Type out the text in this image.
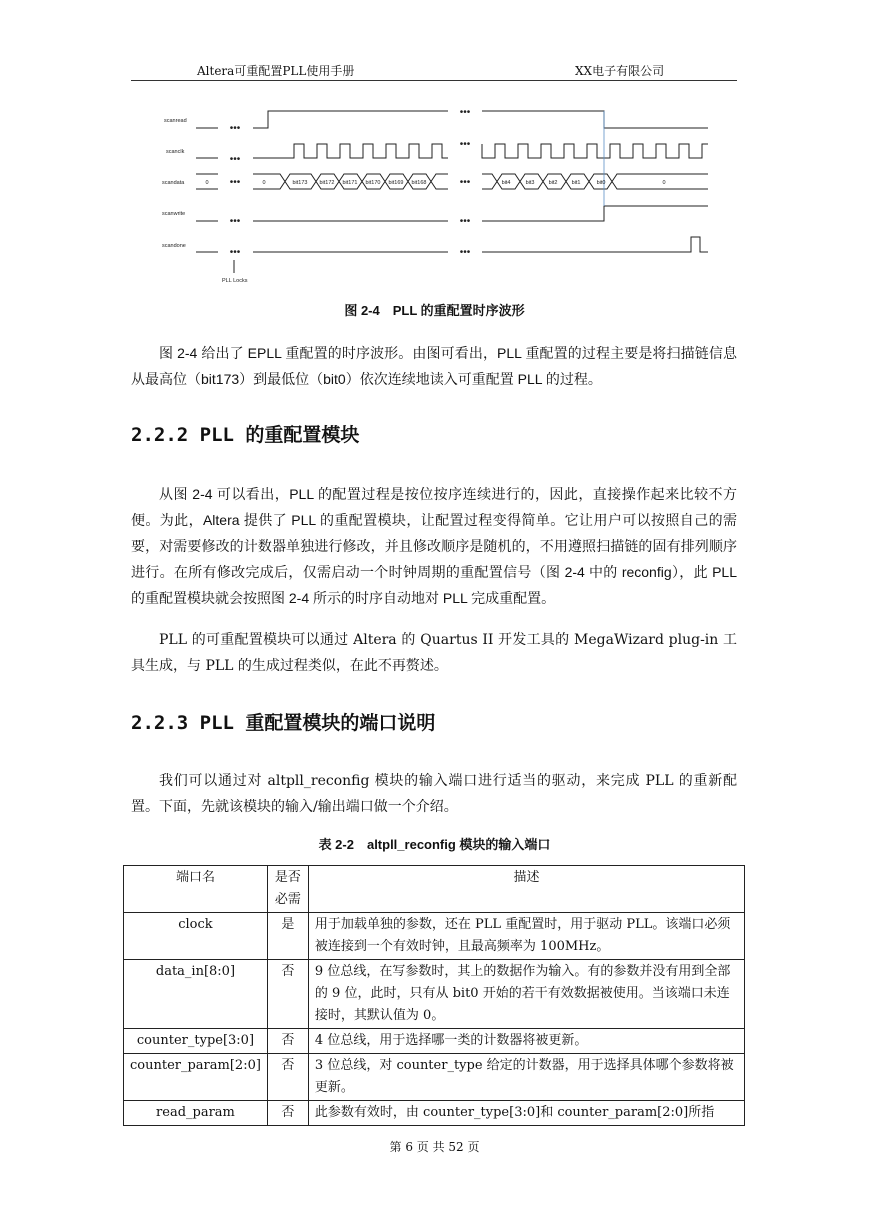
Altera可重配置PLL使用手册	XX电子有限公司
scanread
scanclk
scandata
scanwrite
scandone
0	0	bit173 bit172 bit171 bit170 bit169 bit168	bit4	bit3	bit2	bit1	bit0	0
•••
•••
•••
•••
•••
•••
•••
•••
•••
•••
PLL Locks
图 2-4　PLL 的重配置时序波形

图 2-4 给出了 EPLL 重配置的时序波形。由图可看出，PLL 重配置的过程主要是将扫描链信息从最高位（bit173）到最低位（bit0）依次连续地读入可重配置 PLL 的过程。

2.2.2 PLL 的重配置模块

从图 2-4 可以看出，PLL 的配置过程是按位按序连续进行的，因此，直接操作起来比较不方便。为此，Altera 提供了 PLL 的重配置模块，让配置过程变得简单。它让用户可以按照自己的需要，对需要修改的计数器单独进行修改，并且修改顺序是随机的，不用遵照扫描链的固有排列顺序进行。在所有修改完成后，仅需启动一个时钟周期的重配置信号（图 2-4 中的 reconfig），此 PLL 的重配置模块就会按照图 2-4 所示的时序自动地对 PLL 完成重配置。

PLL 的可重配置模块可以通过 Altera 的 Quartus II 开发工具的 MegaWizard plug-in 工具生成，与 PLL 的生成过程类似，在此不再赘述。

2.2.3 PLL 重配置模块的端口说明

我们可以通过对 altpll_reconfig 模块的输入端口进行适当的驱动，来完成 PLL 的重新配置。下面，先就该模块的输入/输出端口做一个介绍。

表 2-2　altpll_reconfig 模块的输入端口
端口名	是否必需	描述
clock	是	用于加载单独的参数，还在 PLL 重配置时，用于驱动 PLL。该端口必须被连接到一个有效时钟，且最高频率为 100MHz。
data_in[8:0]	否	9 位总线，在写参数时，其上的数据作为输入。有的参数并没有用到全部的 9 位，此时，只有从 bit0 开始的若干有效数据被使用。当该端口未连接时，其默认值为 0。
counter_type[3:0]	否	4 位总线，用于选择哪一类的计数器将被更新。
counter_param[2:0]	否	3 位总线，对 counter_type 给定的计数器，用于选择具体哪个参数将被更新。
read_param	否	此参数有效时，由 counter_type[3:0]和 counter_param[2:0]所指
第 6 页 共 52 页
